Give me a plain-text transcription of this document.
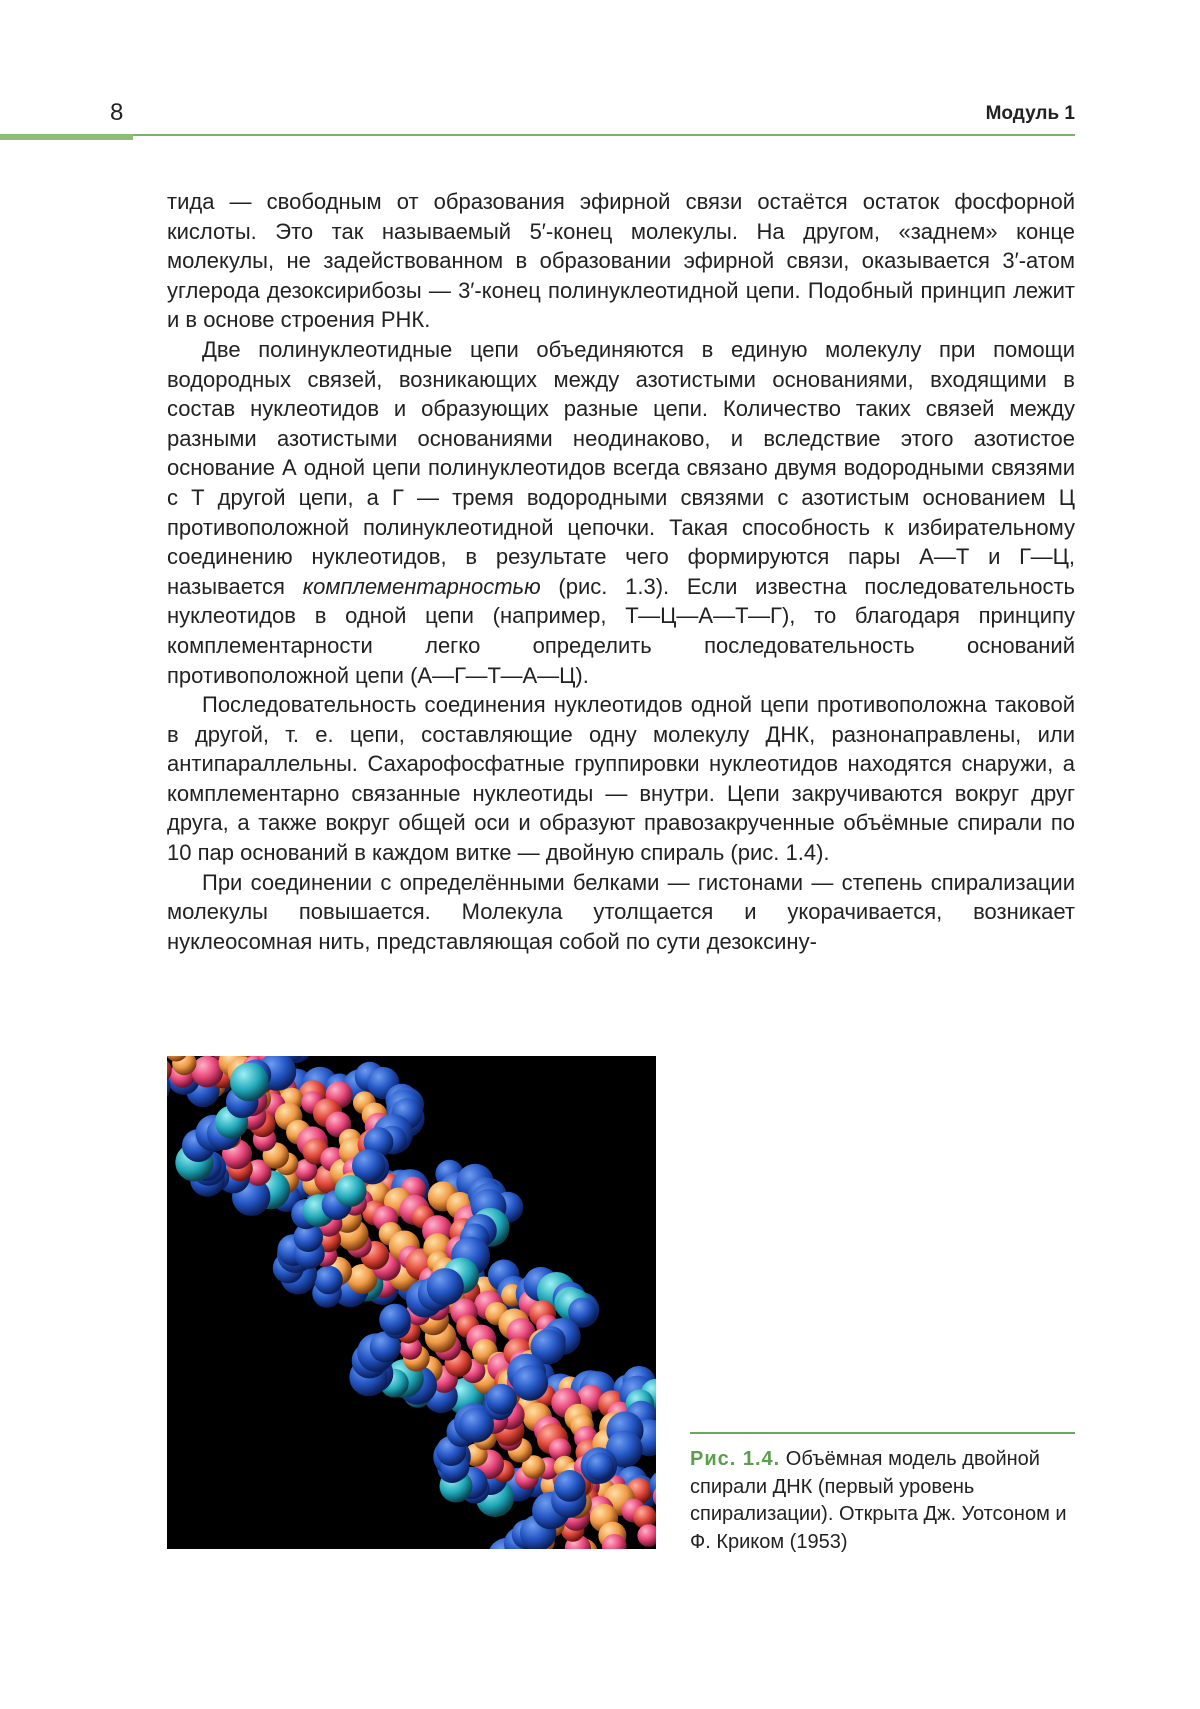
8	Модуль 1

тида — свободным от образования эфирной связи остаётся остаток фосфорной кислоты. Это так называемый 5′-конец молекулы. На другом, «заднем» конце молекулы, не задействованном в образовании эфирной связи, оказывается 3′-атом углерода дезоксирибозы — 3′-конец полинуклеотидной цепи. Подобный принцип лежит и в основе строения РНК.

Две полинуклеотидные цепи объединяются в единую молекулу при помощи водородных связей, возникающих между азотистыми основаниями, входящими в состав нуклеотидов и образующих разные цепи. Количество таких связей между разными азотистыми основаниями неодинаково, и вследствие этого азотистое основание А одной цепи полинуклеотидов всегда связано двумя водородными связями с Т другой цепи, а Г — тремя водородными связями с азотистым основанием Ц противоположной полинуклеотидной цепочки. Такая способность к избирательному соединению нуклеотидов, в результате чего формируются пары А—Т и Г—Ц, называется комплементарностью (рис. 1.3). Если известна последовательность нуклеотидов в одной цепи (например, Т—Ц—А—Т—Г), то благодаря принципу комплементарности легко определить последовательность оснований противоположной цепи (А—Г—Т—А—Ц).

Последовательность соединения нуклеотидов одной цепи противоположна таковой в другой, т. е. цепи, составляющие одну молекулу ДНК, разнонаправлены, или антипараллельны. Сахарофосфатные группировки нуклеотидов находятся снаружи, а комплементарно связанные нуклеотиды — внутри. Цепи закручиваются вокруг друг друга, а также вокруг общей оси и образуют правозакрученные объёмные спирали по 10 пар оснований в каждом витке — двойную спираль (рис. 1.4).

При соединении с определёнными белками — гистонами — степень спирализации молекулы повышается. Молекула утолщается и укорачивается, возникает нуклеосомная нить, представляющая собой по сути дезоксину-

Рис. 1.4. Объёмная модель двойной спирали ДНК (первый уровень спирализации). Открыта Дж. Уотсоном и Ф. Криком (1953)
